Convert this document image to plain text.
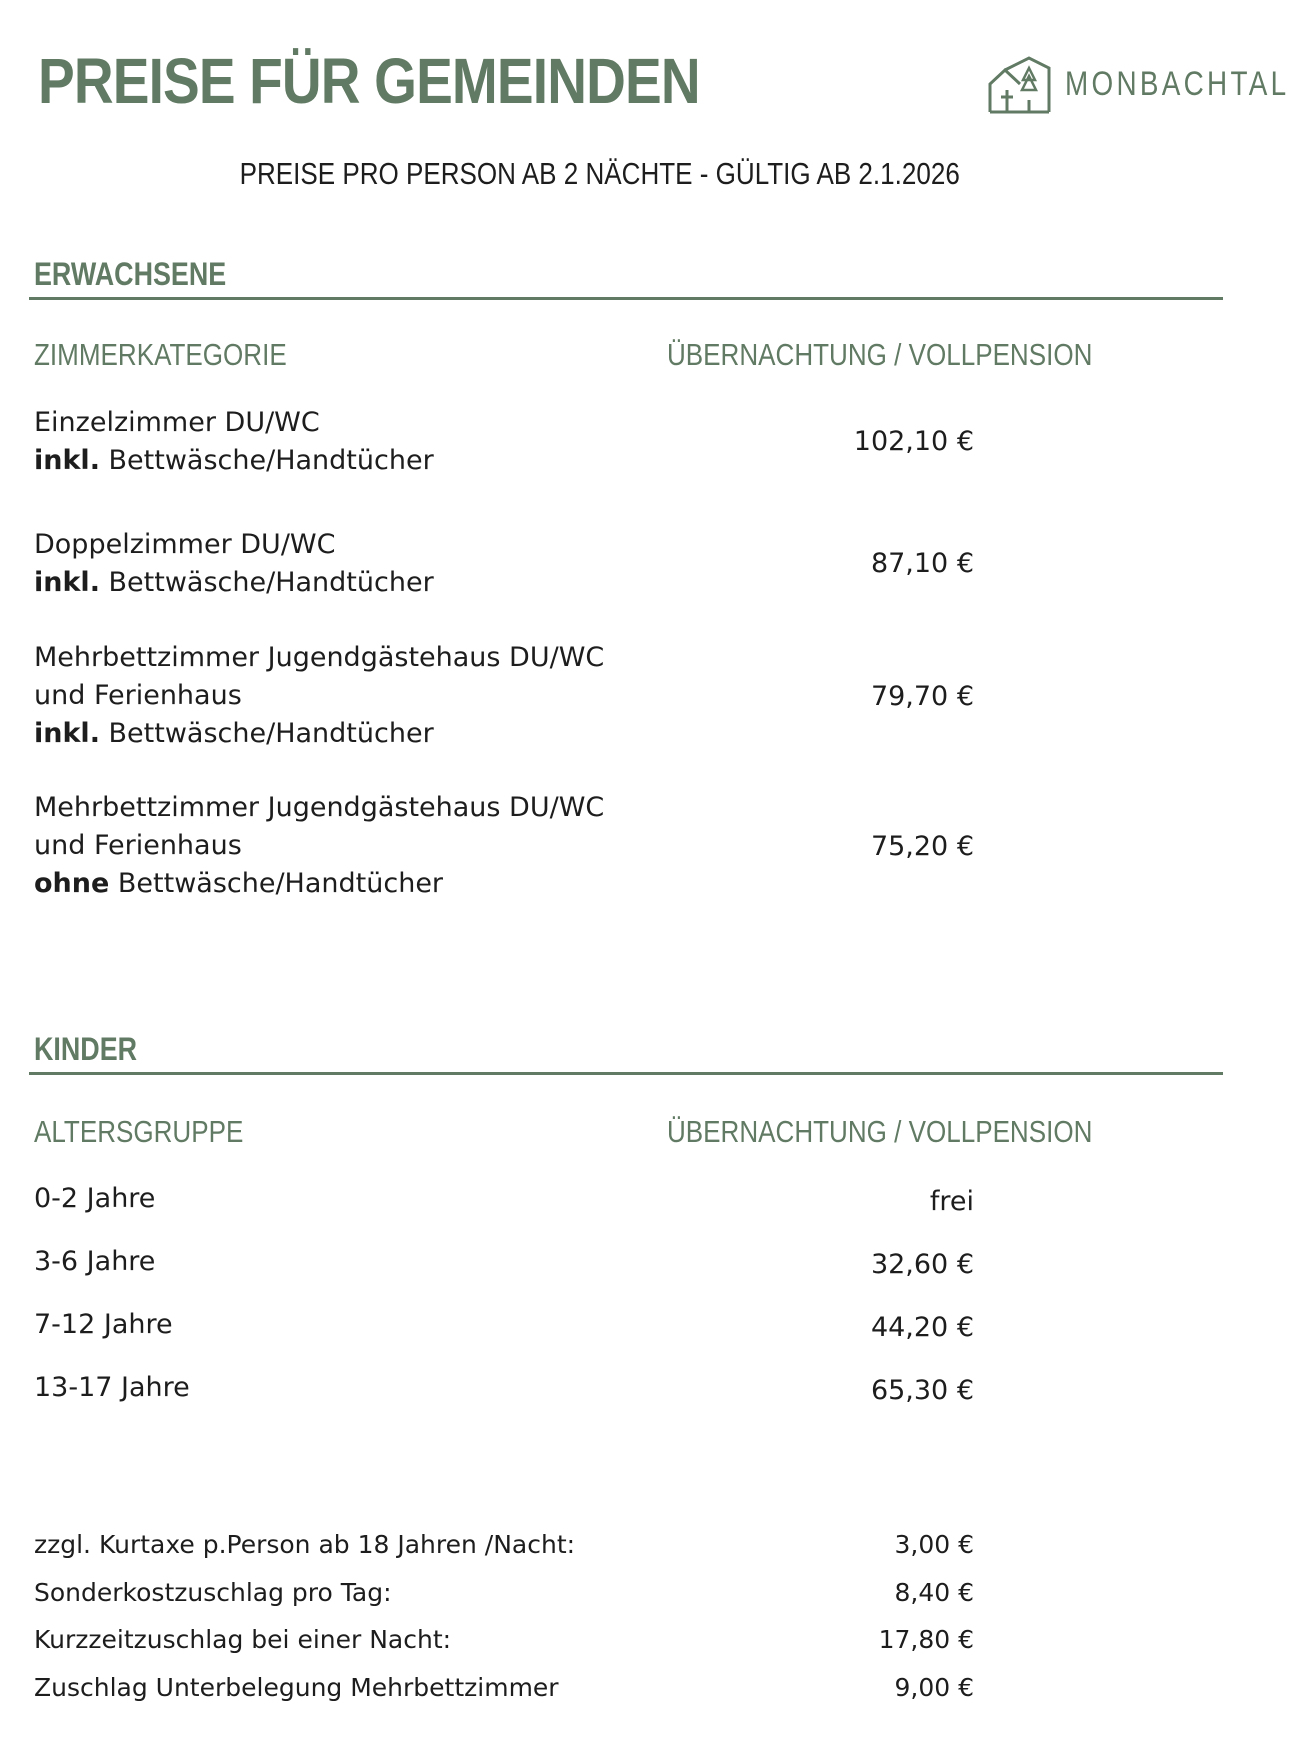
PREISE FÜR GEMEINDEN	MONBACHTAL
PREISE PRO PERSON AB 2 NÄCHTE - GÜLTIG AB 2.1.2026
ERWACHSENE
ZIMMERKATEGORIE	ÜBERNACHTUNG / VOLLPENSION
Einzelzimmer DU/WC
inkl. Bettwäsche/Handtücher
102,10 €
Doppelzimmer DU/WC
inkl. Bettwäsche/Handtücher
87,10 €
Mehrbettzimmer Jugendgästehaus DU/WC
und Ferienhaus
inkl. Bettwäsche/Handtücher
79,70 €
Mehrbettzimmer Jugendgästehaus DU/WC
und Ferienhaus
ohne Bettwäsche/Handtücher
75,20 €
KINDER
ALTERSGRUPPE	ÜBERNACHTUNG / VOLLPENSION
0-2 Jahre	frei
3-6 Jahre	32,60 €
7-12 Jahre	44,20 €
13-17 Jahre	65,30 €
zzgl. Kurtaxe p.Person ab 18 Jahren /Nacht:	3,00 €
Sonderkostzuschlag pro Tag:	8,40 €
Kurzzeitzuschlag bei einer Nacht:	17,80 €
Zuschlag Unterbelegung Mehrbettzimmer	9,00 €
